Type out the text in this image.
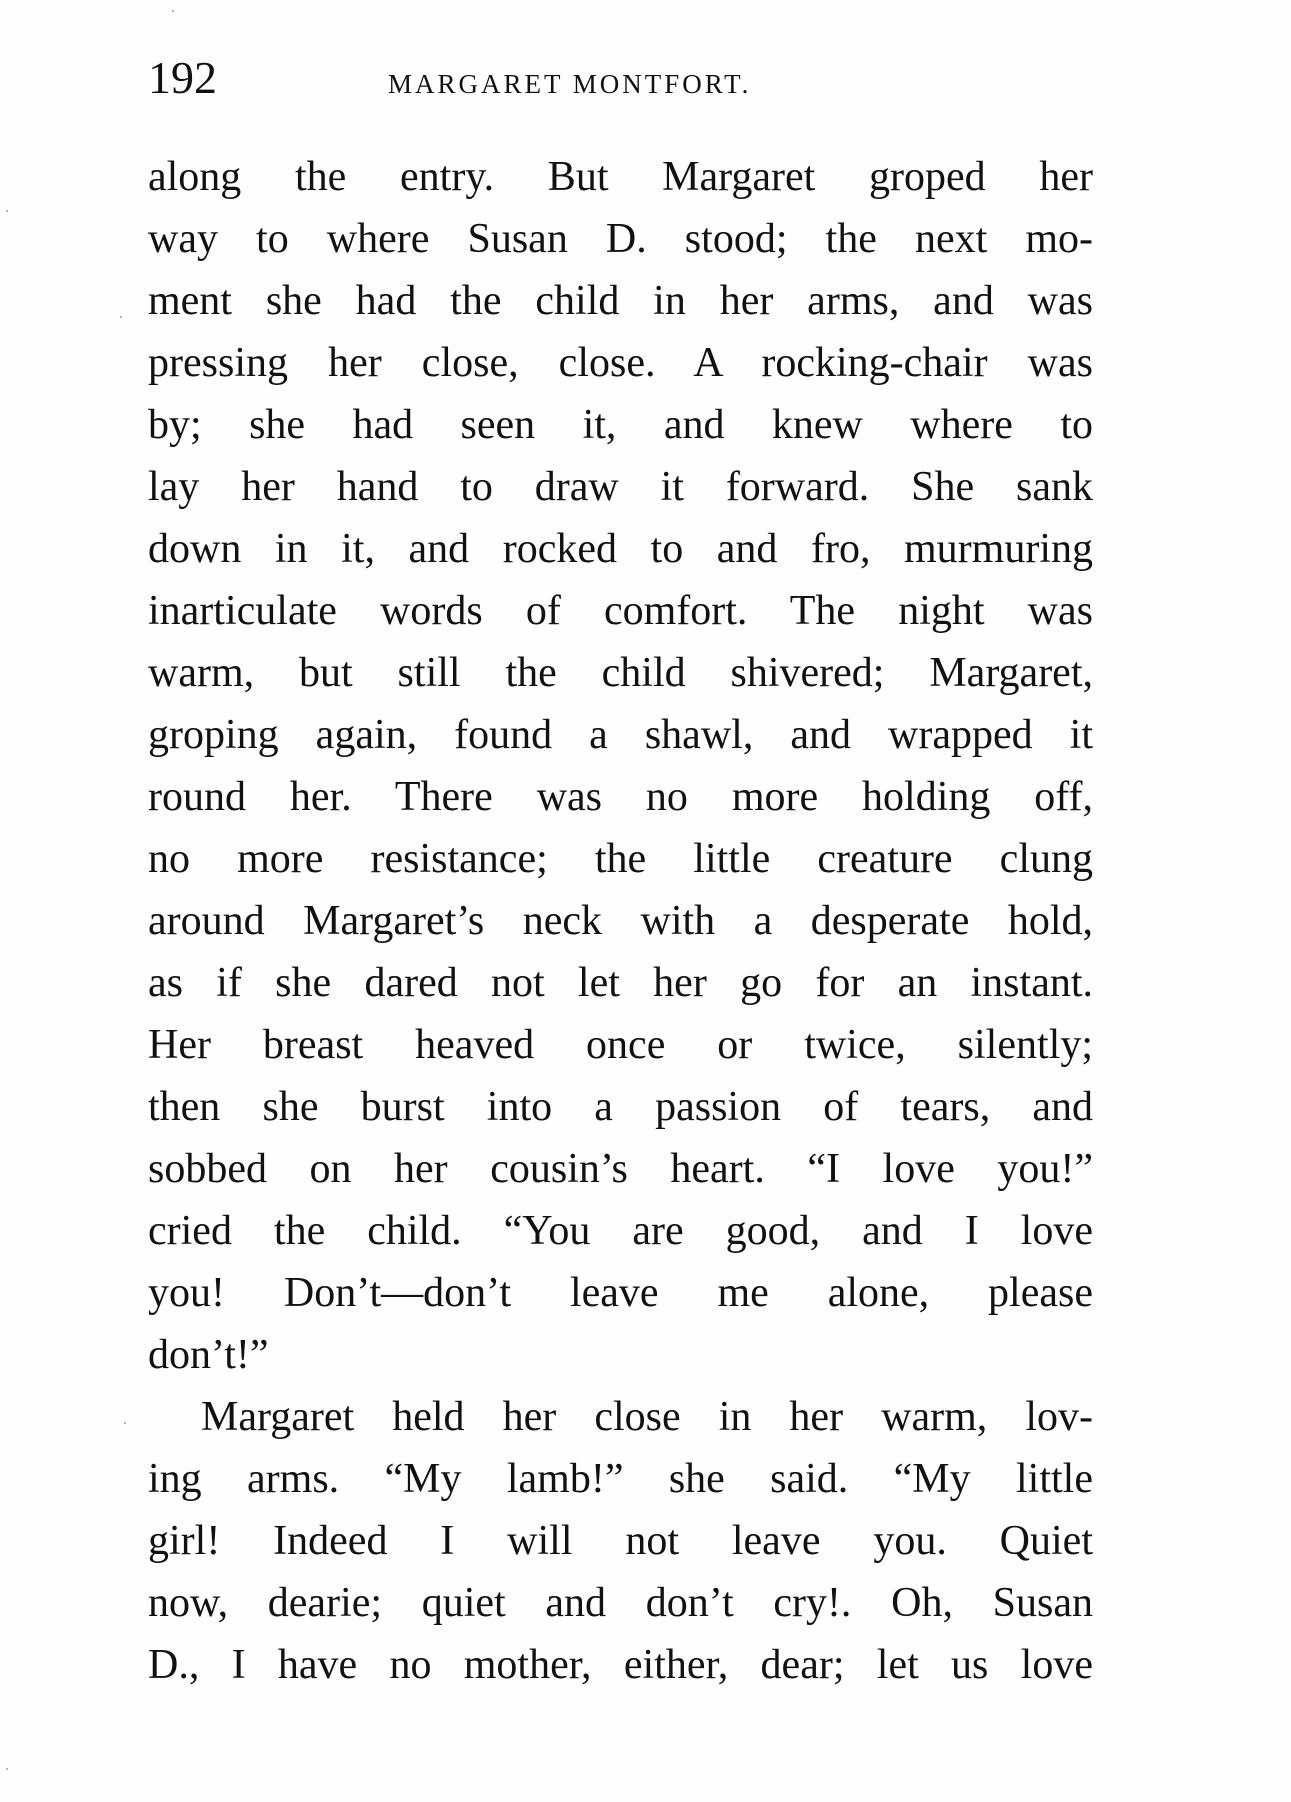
192	MARGARET MONTFORT.
along the entry. But Margaret groped her
way to where Susan D. stood; the next mo-
ment she had the child in her arms, and was
pressing her close, close. A rocking-chair was
by; she had seen it, and knew where to
lay her hand to draw it forward. She sank
down in it, and rocked to and fro, murmuring
inarticulate words of comfort. The night was
warm, but still the child shivered; Margaret,
groping again, found a shawl, and wrapped it
round her. There was no more holding off,
no more resistance; the little creature clung
around Margaret’s neck with a desperate hold,
as if she dared not let her go for an instant.
Her breast heaved once or twice, silently;
then she burst into a passion of tears, and
sobbed on her cousin’s heart. “I love you!”
cried the child. “You are good, and I love
you! Don’t—don’t leave me alone, please
don’t!”
Margaret held her close in her warm, lov-
ing arms. “My lamb!” she said. “My little
girl! Indeed I will not leave you. Quiet
now, dearie; quiet and don’t cry!. Oh, Susan
D., I have no mother, either, dear; let us love
